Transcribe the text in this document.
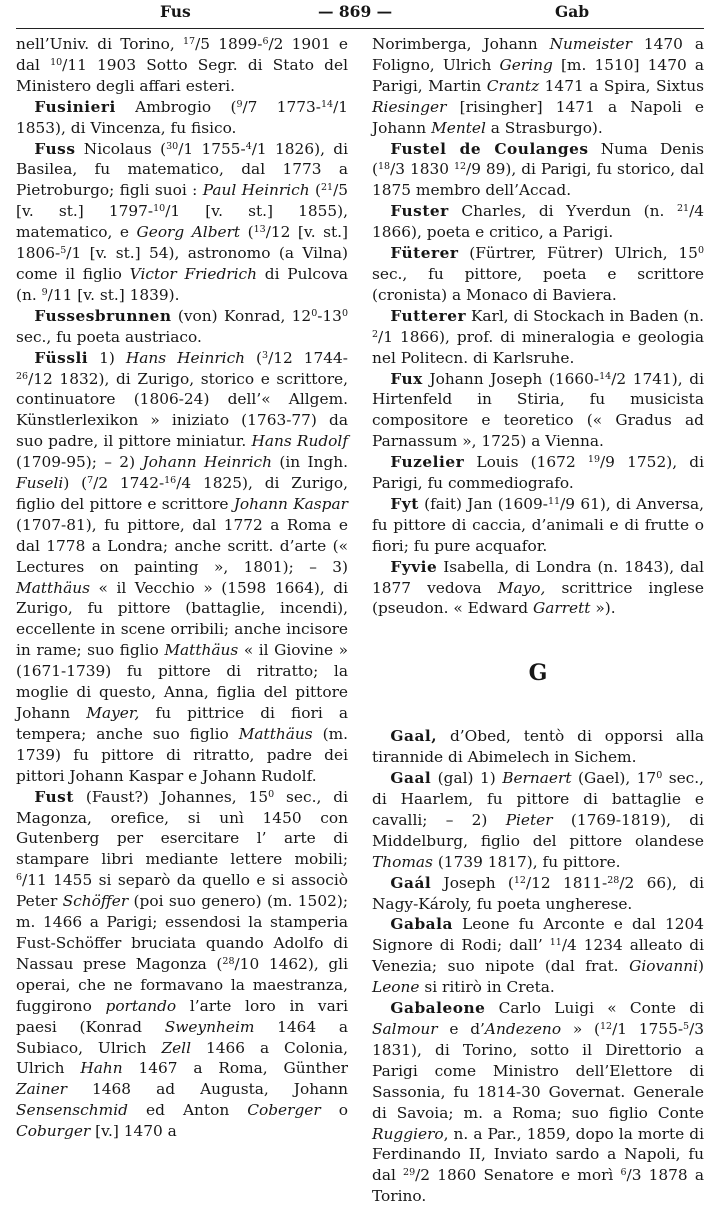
Fus	— 869 —	Gab

nell’Univ. di Torino, $^{17}$/5 1899-$^6$/2 1901 e dal $^{10}$/11 1903 Sotto Segr. di Stato del Ministero degli affari esteri.

Fusinieri Ambrogio ($^9$/7 1773-$^{14}$/1 1853), di Vincenza, fu fisico.

Fuss Nicolaus ($^{30}$/1 1755-$^4$/1 1826), di Basilea, fu matematico, dal 1773 a Pietroburgo; figli suoi : Paul Heinrich ($^{21}$/5 [v. st.] 1797-$^{10}$/1 [v. st.] 1855), matematico, e Georg Albert ($^{13}$/12 [v. st.] 1806-$^5$/1 [v. st.] 54), astronomo (a Vilna) come il figlio Victor Friedrich di Pulcova (n. $^9$/11 [v. st.] 1839).

Fussesbrunnen (von) Konrad, $12^0-13^0$ sec., fu poeta austriaco.

Füssli 1) Hans Heinrich ($^3$/12 1744-$^{26}$/12 1832), di Zurigo, storico e scrittore, continuatore (1806-24) dell’« Allgem. Künstlerlexikon » iniziato (1763-77) da suo padre, il pittore miniatur. Hans Rudolf (1709-95); – 2) Johann Heinrich (in Ingh. Fuseli) ($^7$/2 1742-$^{16}$/4 1825), di Zurigo, figlio del pittore e scrittore Johann Kaspar (1707-81), fu pittore, dal 1772 a Roma e dal 1778 a Londra; anche scritt. d’arte (« Lectures on painting », 1801); – 3) Matthäus « il Vecchio » (1598 1664), di Zurigo, fu pittore (battaglie, incendi), eccellente in scene orribili; anche incisore in rame; suo figlio Matthäus « il Giovine » (1671-1739) fu pittore di ritratto; la moglie di questo, Anna, figlia del pittore Johann Mayer, fu pittrice di fiori a tempera; anche suo figlio Matthäus (m. 1739) fu pittore di ritratto, padre dei pittori Johann Kaspar e Johann Rudolf.

Fust (Faust?) Johannes, $15^0$ sec., di Magonza, orefice, si unì 1450 con Gutenberg per esercitare l’ arte di stampare libri mediante lettere mobili; $^6$/11 1455 si separò da quello e si associò Peter Schöffer (poi suo genero) (m. 1502); m. 1466 a Parigi; essendosi la stamperia Fust-Schöffer bruciata quando Adolfo di Nassau prese Magonza ($^{28}$/10 1462), gli operai, che ne formavano la maestranza, fuggirono portando l’arte loro in vari paesi (Konrad Sweynheim 1464 a Subiaco, Ulrich Zell 1466 a Colonia, Ulrich Hahn 1467 a Roma, Günther Zainer 1468 ad Augusta, Johann Sensenschmid ed Anton Coberger o Coburger [v.] 1470 a

Norimberga, Johann Numeister 1470 a Foligno, Ulrich Gering [m. 1510] 1470 a Parigi, Martin Crantz 1471 a Spira, Sixtus Riesinger [risingher] 1471 a Napoli e Johann Mentel a Strasburgo).

Fustel de Coulanges Numa Denis ($^{18}$/3 1830 $^{12}$/9 89), di Parigi, fu storico, dal 1875 membro dell’Accad.

Fuster Charles, di Yverdun (n. $^{21}$/4 1866), poeta e critico, a Parigi.

Füterer (Fürtrer, Fütrer) Ulrich, $15^0$ sec., fu pittore, poeta e scrittore (cronista) a Monaco di Baviera.

Futterer Karl, di Stockach in Baden (n. $^2$/1 1866), prof. di mineralogia e geologia nel Politecn. di Karlsruhe.

Fux Johann Joseph (1660-$^{14}$/2 1741), di Hirtenfeld in Stiria, fu musicista compositore e teoretico (« Gradus ad Parnassum », 1725) a Vienna.

Fuzelier Louis (1672 $^{19}$/9 1752), di Parigi, fu commediografo.

Fyt (fait) Jan (1609-$^{11}$/9 61), di Anversa, fu pittore di caccia, d’animali e di frutte o fiori; fu pure acquafor.

Fyvie Isabella, di Londra (n. 1843), dal 1877 vedova Mayo, scrittrice inglese (pseudon. « Edward Garrett »).

G

Gaal, d’Obed, tentò di opporsi alla tirannide di Abimelech in Sichem.

Gaal (gal) 1) Bernaert (Gael), $17^0$ sec., di Haarlem, fu pittore di battaglie e cavalli; – 2) Pieter (1769-1819), di Middelburg, figlio del pittore olandese Thomas (1739 1817), fu pittore.

Gaál Joseph ($^{12}$/12 1811-$^{28}$/2 66), di Nagy-Károly, fu poeta ungherese.

Gabala Leone fu Arconte e dal 1204 Signore di Rodi; dall’ $^{11}$/4 1234 alleato di Venezia; suo nipote (dal frat. Giovanni) Leone si ritirò in Creta.

Gabaleone Carlo Luigi « Conte di Salmour e d’Andezeno » ($^{12}$/1 1755-$^5$/3 1831), di Torino, sotto il Direttorio a Parigi come Ministro dell’Elettore di Sassonia, fu 1814-30 Governat. Generale di Savoia; m. a Roma; suo figlio Conte Ruggiero, n. a Par., 1859, dopo la morte di Ferdinando II, Inviato sardo a Napoli, fu dal $^{29}$/2 1860 Senatore e morì $^6$/3 1878 a Torino.
